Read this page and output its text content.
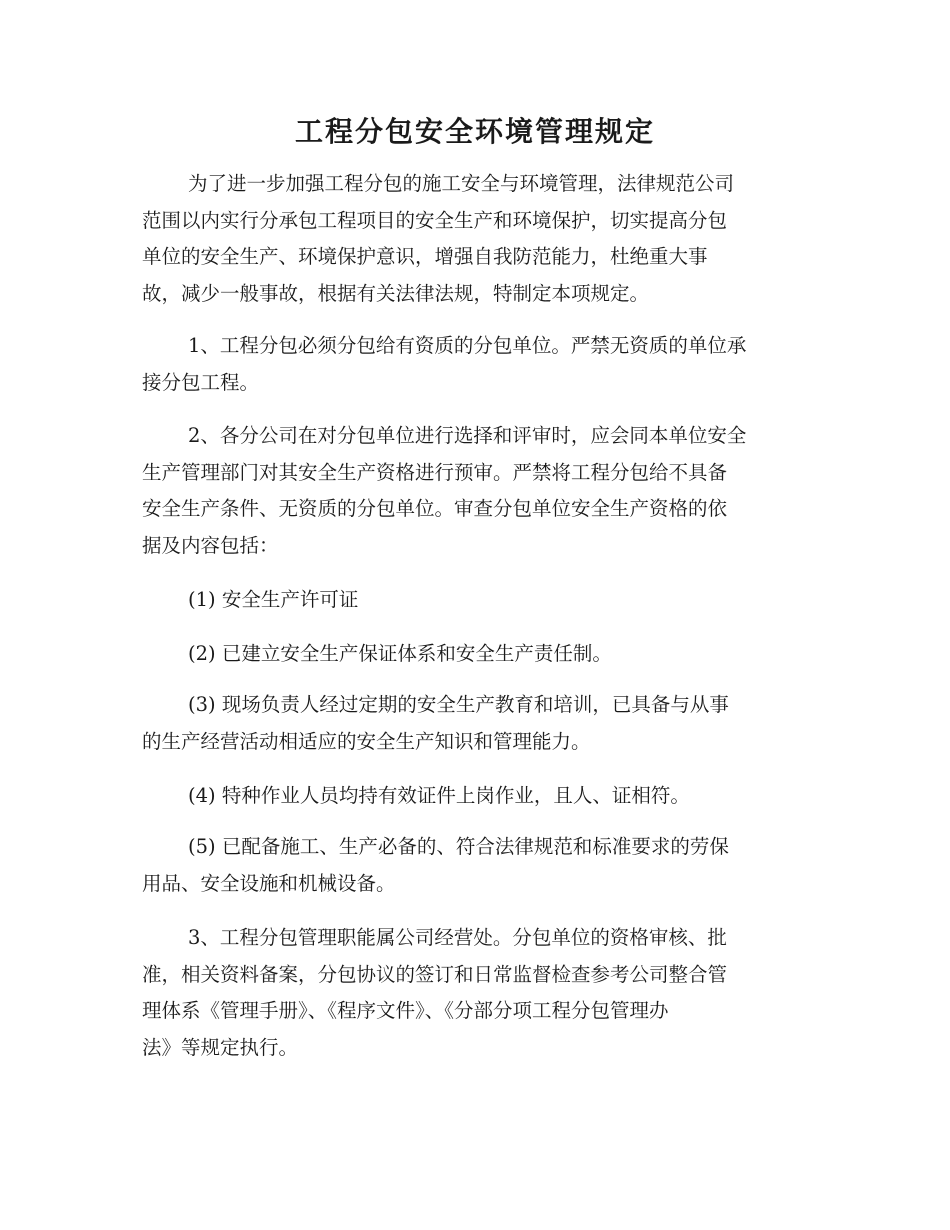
工程分包安全环境管理规定
为了进一步加强工程分包的施工安全与环境管理，法律规范公司
范围以内实行分承包工程项目的安全生产和环境保护，切实提高分包
单位的安全生产、环境保护意识，增强自我防范能力，杜绝重大事
故，减少一般事故，根据有关法律法规，特制定本项规定。
1、工程分包必须分包给有资质的分包单位。严禁无资质的单位承
接分包工程。
2、各分公司在对分包单位进行选择和评审时，应会同本单位安全
生产管理部门对其安全生产资格进行预审。严禁将工程分包给不具备
安全生产条件、无资质的分包单位。审查分包单位安全生产资格的依
据及内容包括：
(1) 安全生产许可证
(2) 已建立安全生产保证体系和安全生产责任制。
(3) 现场负责人经过定期的安全生产教育和培训，已具备与从事
的生产经营活动相适应的安全生产知识和管理能力。
(4) 特种作业人员均持有效证件上岗作业，且人、证相符。
(5) 已配备施工、生产必备的、符合法律规范和标准要求的劳保
用品、安全设施和机械设备。
3、工程分包管理职能属公司经营处。分包单位的资格审核、批
准，相关资料备案，分包协议的签订和日常监督检查参考公司整合管
理体系《管理手册》、《程序文件》、《分部分项工程分包管理办
法》等规定执行。
